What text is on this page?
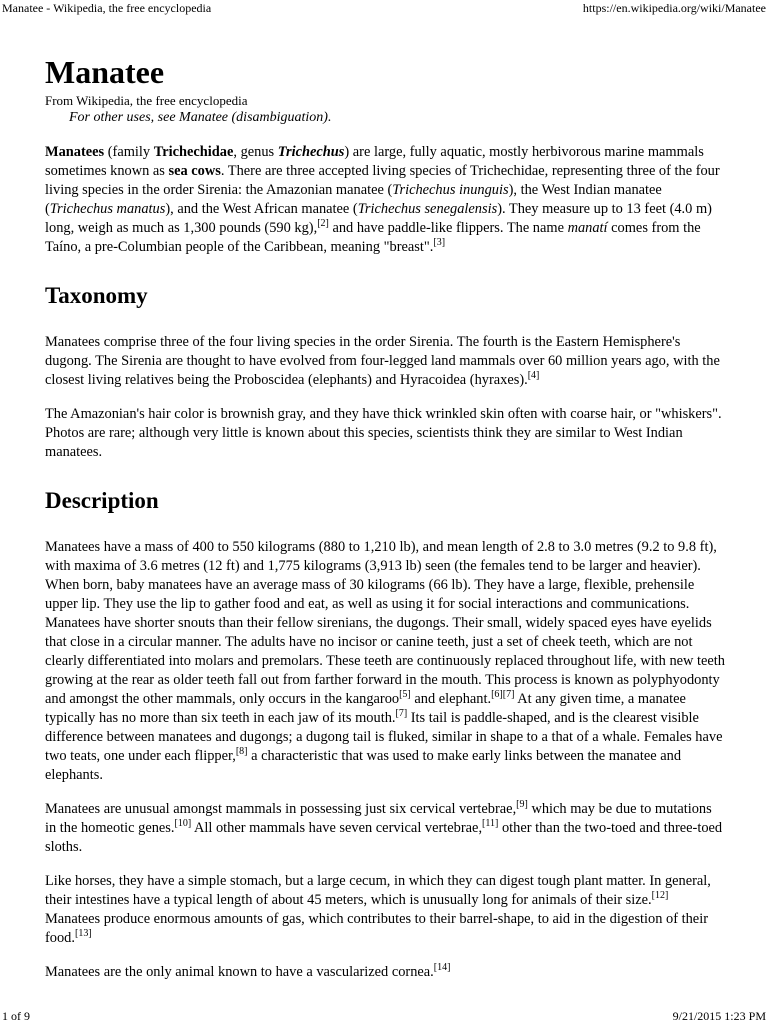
Manatee - Wikipedia, the free encyclopedia	https://en.wikipedia.org/wiki/Manatee
Manatee
From Wikipedia, the free encyclopedia
For other uses, see Manatee (disambiguation).

Manatees (family Trichechidae, genus Trichechus) are large, fully aquatic, mostly herbivorous marine mammals sometimes known as sea cows. There are three accepted living species of Trichechidae, representing three of the four living species in the order Sirenia: the Amazonian manatee (Trichechus inunguis), the West Indian manatee (Trichechus manatus), and the West African manatee (Trichechus senegalensis). They measure up to 13 feet (4.0 m) long, weigh as much as 1,300 pounds (590 kg),[2] and have paddle-like flippers. The name manatí comes from the Taíno, a pre-Columbian people of the Caribbean, meaning "breast".[3]

Taxonomy

Manatees comprise three of the four living species in the order Sirenia. The fourth is the Eastern Hemisphere's dugong. The Sirenia are thought to have evolved from four-legged land mammals over 60 million years ago, with the closest living relatives being the Proboscidea (elephants) and Hyracoidea (hyraxes).[4]

The Amazonian's hair color is brownish gray, and they have thick wrinkled skin often with coarse hair, or "whiskers". Photos are rare; although very little is known about this species, scientists think they are similar to West Indian manatees.

Description

Manatees have a mass of 400 to 550 kilograms (880 to 1,210 lb), and mean length of 2.8 to 3.0 metres (9.2 to 9.8 ft), with maxima of 3.6 metres (12 ft) and 1,775 kilograms (3,913 lb) seen (the females tend to be larger and heavier). When born, baby manatees have an average mass of 30 kilograms (66 lb). They have a large, flexible, prehensile upper lip. They use the lip to gather food and eat, as well as using it for social interactions and communications. Manatees have shorter snouts than their fellow sirenians, the dugongs. Their small, widely spaced eyes have eyelids that close in a circular manner. The adults have no incisor or canine teeth, just a set of cheek teeth, which are not clearly differentiated into molars and premolars. These teeth are continuously replaced throughout life, with new teeth growing at the rear as older teeth fall out from farther forward in the mouth. This process is known as polyphyodonty and amongst the other mammals, only occurs in the kangaroo[5] and elephant.[6][7] At any given time, a manatee typically has no more than six teeth in each jaw of its mouth.[7] Its tail is paddle-shaped, and is the clearest visible difference between manatees and dugongs; a dugong tail is fluked, similar in shape to a that of a whale. Females have two teats, one under each flipper,[8] a characteristic that was used to make early links between the manatee and elephants.

Manatees are unusual amongst mammals in possessing just six cervical vertebrae,[9] which may be due to mutations in the homeotic genes.[10] All other mammals have seven cervical vertebrae,[11] other than the two-toed and three-toed sloths.

Like horses, they have a simple stomach, but a large cecum, in which they can digest tough plant matter. In general, their intestines have a typical length of about 45 meters, which is unusually long for animals of their size.[12] Manatees produce enormous amounts of gas, which contributes to their barrel-shape, to aid in the digestion of their food.[13]

Manatees are the only animal known to have a vascularized cornea.[14]

1 of 9	9/21/2015 1:23 PM
